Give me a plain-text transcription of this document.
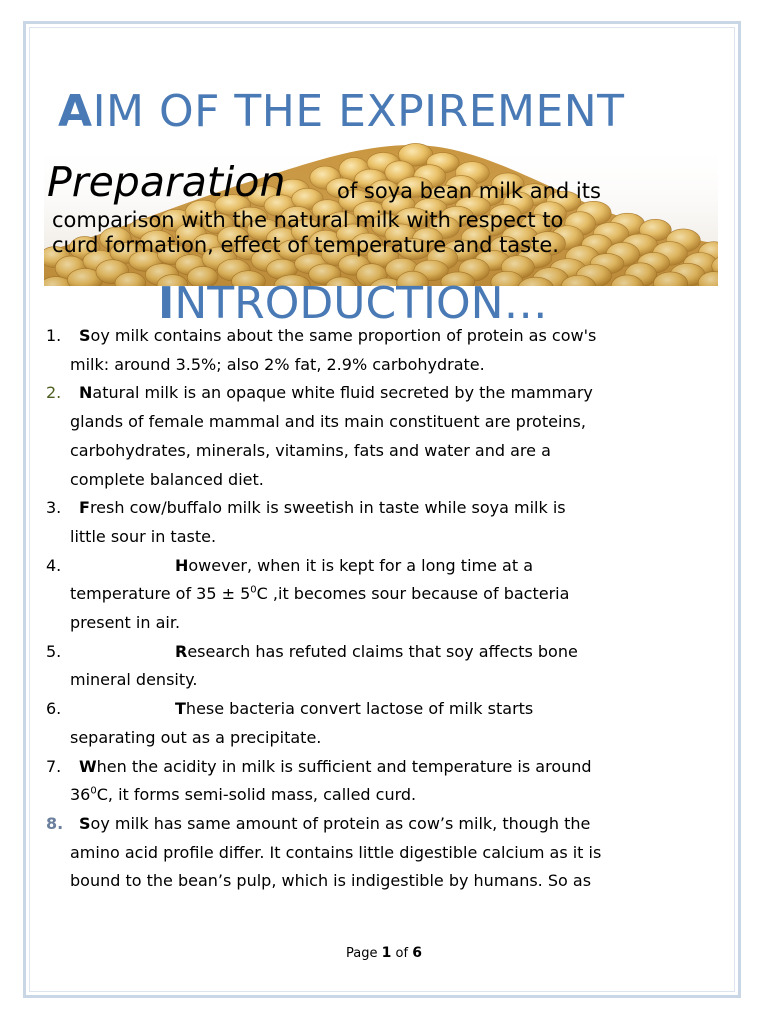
AIM OF THE EXPIREMENT
Preparation of soya bean milk and its
comparison with the natural milk with respect to
curd formation, effect of temperature and taste.
INTRODUCTION…
1.	Soy milk contains about the same proportion of protein as cow's
milk: around 3.5%; also 2% fat, 2.9% carbohydrate.
2.	Natural milk is an opaque white fluid secreted by the mammary
glands of female mammal and its main constituent are proteins,
carbohydrates, minerals, vitamins, fats and water and are a
complete balanced diet.
3.	Fresh cow/buffalo milk is sweetish in taste while soya milk is
little sour in taste.
4.	However, when it is kept for a long time at a
temperature of $35 \pm 5^0C$ ,it becomes sour because of bacteria
present in air.
5.	Research has refuted claims that soy affects bone
mineral density.
6.	These bacteria convert lactose of milk starts
separating out as a precipitate.
7.	When the acidity in milk is sufficient and temperature is around
$36^0C$, it forms semi-solid mass, called curd.
8. Soy milk has same amount of protein as cow’s milk, though the
amino acid profile differ. It contains little digestible calcium as it is
bound to the bean’s pulp, which is indigestible by humans. So as
Page 1 of 6
